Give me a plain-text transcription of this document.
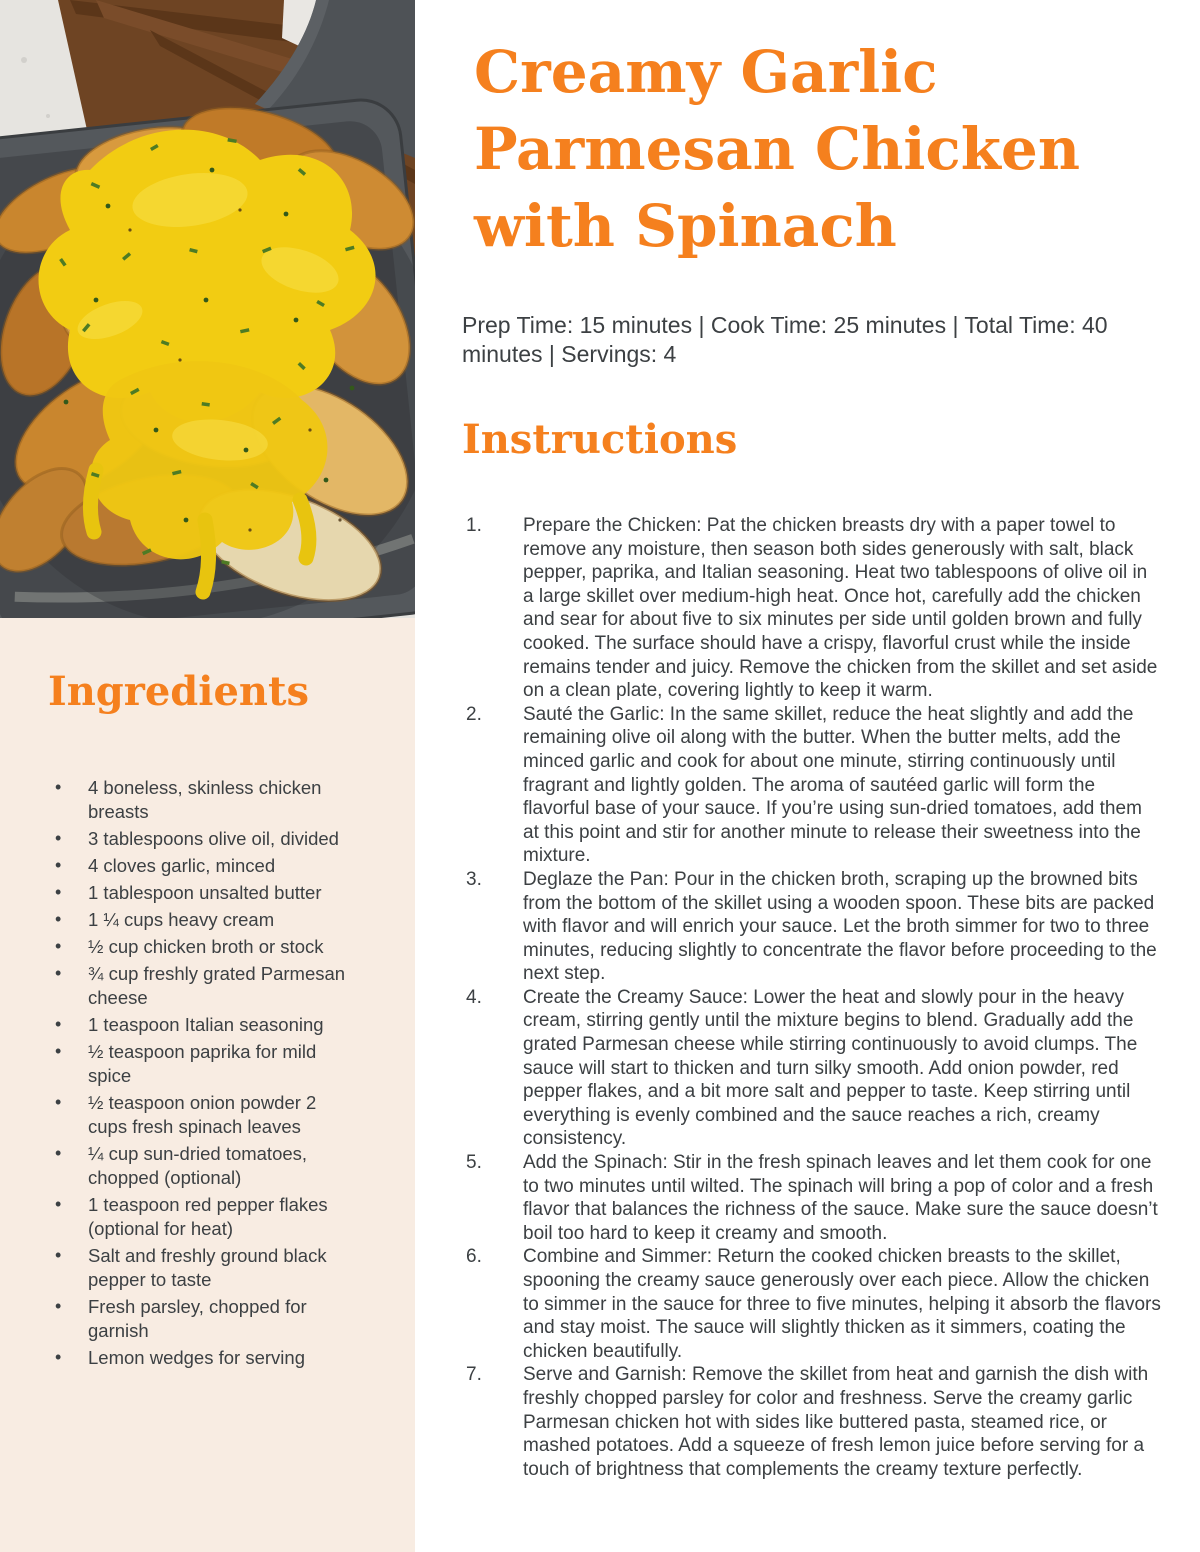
Ingredients
• 4 boneless, skinless chicken breasts
• 3 tablespoons olive oil, divided
• 4 cloves garlic, minced
• 1 tablespoon unsalted butter
• 1 ¼ cups heavy cream
• ½ cup chicken broth or stock
• ¾ cup freshly grated Parmesan cheese
• 1 teaspoon Italian seasoning
• ½ teaspoon paprika for mild spice
• ½ teaspoon onion powder 2 cups fresh spinach leaves
• ¼ cup sun-dried tomatoes, chopped (optional)
• 1 teaspoon red pepper flakes (optional for heat)
• Salt and freshly ground black pepper to taste
• Fresh parsley, chopped for garnish
• Lemon wedges for serving
Creamy Garlic Parmesan Chicken with Spinach

Prep Time: 15 minutes | Cook Time: 25 minutes | Total Time: 40 minutes | Servings: 4

Instructions
1. Prepare the Chicken: Pat the chicken breasts dry with a paper towel to remove any moisture, then season both sides generously with salt, black pepper, paprika, and Italian seasoning. Heat two tablespoons of olive oil in a large skillet over medium-high heat. Once hot, carefully add the chicken and sear for about five to six minutes per side until golden brown and fully cooked. The surface should have a crispy, flavorful crust while the inside remains tender and juicy. Remove the chicken from the skillet and set aside on a clean plate, covering lightly to keep it warm.
2. Sauté the Garlic: In the same skillet, reduce the heat slightly and add the remaining olive oil along with the butter. When the butter melts, add the minced garlic and cook for about one minute, stirring continuously until fragrant and lightly golden. The aroma of sautéed garlic will form the flavorful base of your sauce. If you’re using sun-dried tomatoes, add them at this point and stir for another minute to release their sweetness into the mixture.
3. Deglaze the Pan: Pour in the chicken broth, scraping up the browned bits from the bottom of the skillet using a wooden spoon. These bits are packed with flavor and will enrich your sauce. Let the broth simmer for two to three minutes, reducing slightly to concentrate the flavor before proceeding to the next step.
4. Create the Creamy Sauce: Lower the heat and slowly pour in the heavy cream, stirring gently until the mixture begins to blend. Gradually add the grated Parmesan cheese while stirring continuously to avoid clumps. The sauce will start to thicken and turn silky smooth. Add onion powder, red pepper flakes, and a bit more salt and pepper to taste. Keep stirring until everything is evenly combined and the sauce reaches a rich, creamy consistency.
5. Add the Spinach: Stir in the fresh spinach leaves and let them cook for one to two minutes until wilted. The spinach will bring a pop of color and a fresh flavor that balances the richness of the sauce. Make sure the sauce doesn’t boil too hard to keep it creamy and smooth.
6. Combine and Simmer: Return the cooked chicken breasts to the skillet, spooning the creamy sauce generously over each piece. Allow the chicken to simmer in the sauce for three to five minutes, helping it absorb the flavors and stay moist. The sauce will slightly thicken as it simmers, coating the chicken beautifully.
7. Serve and Garnish: Remove the skillet from heat and garnish the dish with freshly chopped parsley for color and freshness. Serve the creamy garlic Parmesan chicken hot with sides like buttered pasta, steamed rice, or mashed potatoes. Add a squeeze of fresh lemon juice before serving for a touch of brightness that complements the creamy texture perfectly.
